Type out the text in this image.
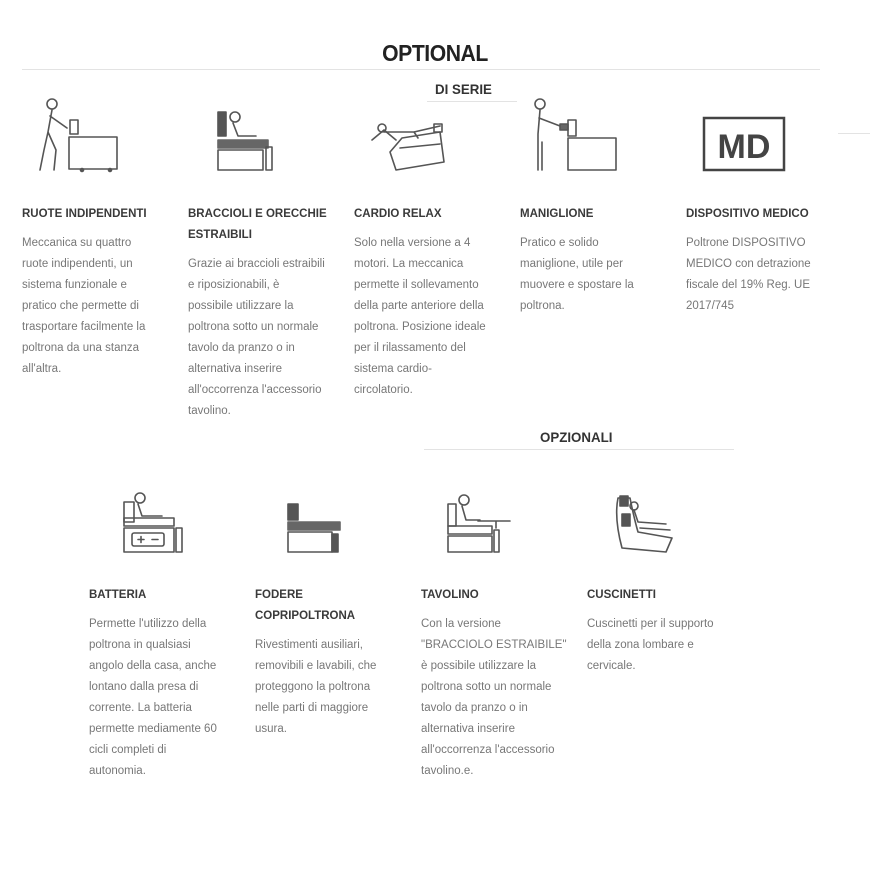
OPTIONAL
DI SERIE
MD
RUOTE INDIPENDENTI
Meccanica su quattro
ruote indipendenti, un
sistema funzionale e
pratico che permette di
trasportare facilmente la
poltrona da una stanza
all'altra.
BRACCIOLI E ORECCHIE
ESTRAIBILI
Grazie ai braccioli estraibili
e riposizionabili, è
possibile utilizzare la
poltrona sotto un normale
tavolo da pranzo o in
alternativa inserire
all'occorrenza l'accessorio
tavolino.
CARDIO RELAX
Solo nella versione a 4
motori. La meccanica
permette il sollevamento
della parte anteriore della
poltrona. Posizione ideale
per il rilassamento del
sistema cardio-
circolatorio.
MANIGLIONE
Pratico e solido
maniglione, utile per
muovere e spostare la
poltrona.
DISPOSITIVO MEDICO
Poltrone DISPOSITIVO
MEDICO con detrazione
fiscale del 19% Reg. UE
2017/745
OPZIONALI
BATTERIA
Permette l'utilizzo della
poltrona in qualsiasi
angolo della casa, anche
lontano dalla presa di
corrente. La batteria
permette mediamente 60
cicli completi di
autonomia.
FODERE
COPRIPOLTRONA
Rivestimenti ausiliari,
removibili e lavabili, che
proteggono la poltrona
nelle parti di maggiore
usura.
TAVOLINO
Con la versione
"BRACCIOLO ESTRAIBILE"
è possibile utilizzare la
poltrona sotto un normale
tavolo da pranzo o in
alternativa inserire
all'occorrenza l'accessorio
tavolino.e.
CUSCINETTI
Cuscinetti per il supporto
della zona lombare e
cervicale.
